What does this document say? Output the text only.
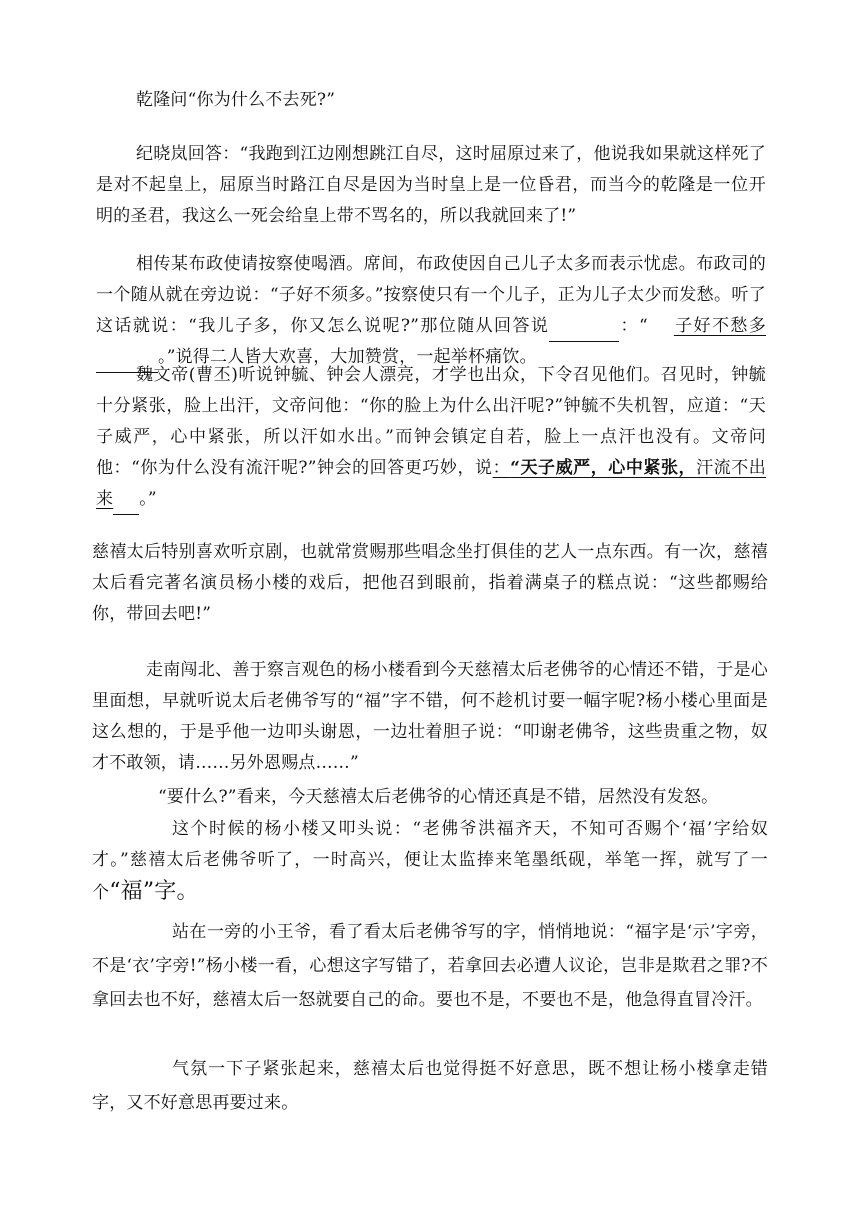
乾隆问“你为什么不去死?”

纪晓岚回答：“我跑到江边刚想跳江自尽，这时屈原过来了，他说我如果就这样死了是对不起皇上，屈原当时路江自尽是因为当时皇上是一位昏君，而当今的乾隆是一位开明的圣君，我这么一死会给皇上带不骂名的，所以我就回来了!”

相传某布政使请按察使喝酒。席间，布政使因自己儿子太多而表示忧虑。布政司的一个随从就在旁边说：“子好不须多。”按察使只有一个儿子，正为儿子太少而发愁。听了这话就说：“我儿子多，你又怎么说呢?”那位随从回答说	：“ 子好不愁多。”说得二人皆大欢喜，大加赞赏，一起举杯痛饮。

魏文帝(曹丕)听说钟毓、钟会人漂亮，才学也出众，下令召见他们。召见时，钟毓十分紧张，脸上出汗，文帝问他：“你的脸上为什么出汗呢?”钟毓不失机智，应道：“天子威严，心中紧张，所以汗如水出。”而钟会镇定自若，脸上一点汗也没有。文帝问他：“你为什么没有流汗呢?”钟会的回答更巧妙，说：“天子威严，心中紧张，汗流不出来 。”

慈禧太后特别喜欢听京剧，也就常赏赐那些唱念坐打俱佳的艺人一点东西。有一次，慈禧太后看完著名演员杨小楼的戏后，把他召到眼前，指着满桌子的糕点说：“这些都赐给你，带回去吧!”

走南闯北、善于察言观色的杨小楼看到今天慈禧太后老佛爷的心情还不错，于是心里面想，早就听说太后老佛爷写的“福”字不错，何不趁机讨要一幅字呢?杨小楼心里面是这么想的，于是乎他一边叩头谢恩，一边壮着胆子说：“叩谢老佛爷，这些贵重之物，奴才不敢领，请……另外恩赐点……”

“要什么?”看来，今天慈禧太后老佛爷的心情还真是不错，居然没有发怒。

这个时候的杨小楼又叩头说：“老佛爷洪福齐天，不知可否赐个‘福’字给奴才。”慈禧太后老佛爷听了，一时高兴，便让太监捧来笔墨纸砚，举笔一挥，就写了一个“福”字。

站在一旁的小王爷，看了看太后老佛爷写的字，悄悄地说：“福字是‘示’字旁，不是‘衣’字旁!”杨小楼一看，心想这字写错了，若拿回去必遭人议论，岂非是欺君之罪?不拿回去也不好，慈禧太后一怒就要自己的命。要也不是，不要也不是，他急得直冒冷汗。

气氛一下子紧张起来，慈禧太后也觉得挺不好意思，既不想让杨小楼拿走错字，又不好意思再要过来。
